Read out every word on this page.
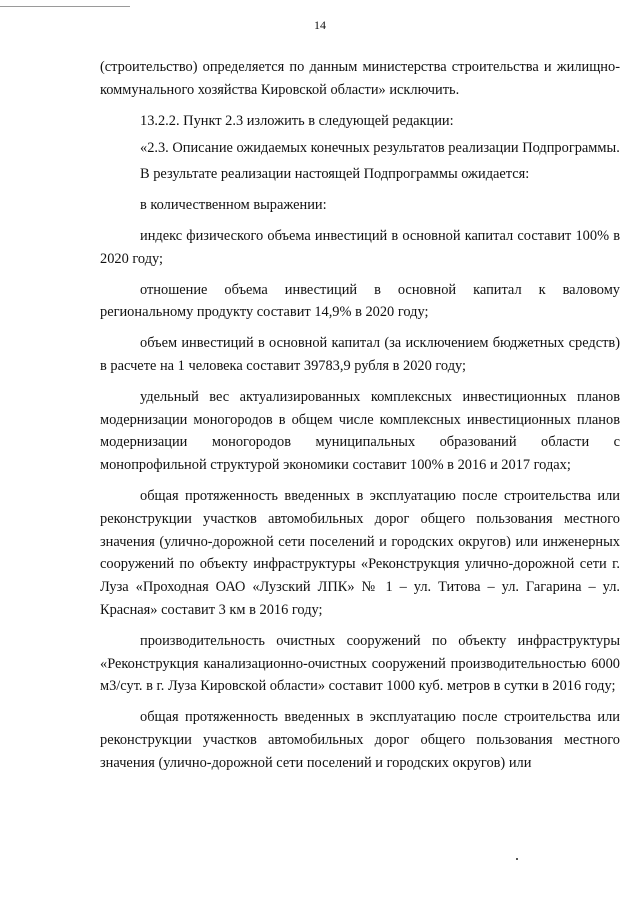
14

(строительство) определяется по данным министерства строительства и жилищно-коммунального хозяйства Кировской области» исключить.

13.2.2. Пункт 2.3 изложить в следующей редакции:

«2.3. Описание ожидаемых конечных результатов реализации Подпрограммы.

В результате реализации настоящей Подпрограммы ожидается:

в количественном выражении:

индекс физического объема инвестиций в основной капитал составит 100% в 2020 году;

отношение объема инвестиций в основной капитал к валовому региональному продукту составит 14,9% в 2020 году;

объем инвестиций в основной капитал (за исключением бюджетных средств) в расчете на 1 человека составит 39783,9 рубля в 2020 году;

удельный вес актуализированных комплексных инвестиционных планов модернизации моногородов в общем числе комплексных инвестиционных планов модернизации моногородов муниципальных образований области с монопрофильной структурой экономики составит 100% в 2016 и 2017 годах;

общая протяженность введенных в эксплуатацию после строительства или реконструкции участков автомобильных дорог общего пользования местного значения (улично-дорожной сети поселений и городских округов) или инженерных сооружений по объекту инфраструктуры «Реконструкция улично-дорожной сети г. Луза «Проходная ОАО «Лузский ЛПК» № 1 – ул. Титова – ул. Гагарина – ул. Красная» составит 3 км в 2016 году;

производительность очистных сооружений по объекту инфраструктуры «Реконструкция канализационно-очистных сооружений производительностью 6000 м3/сут. в г. Луза Кировской области» составит 1000 куб. метров в сутки в 2016 году;

общая протяженность введенных в эксплуатацию после строительства или реконструкции участков автомобильных дорог общего пользования местного значения (улично-дорожной сети поселений и городских округов) или
